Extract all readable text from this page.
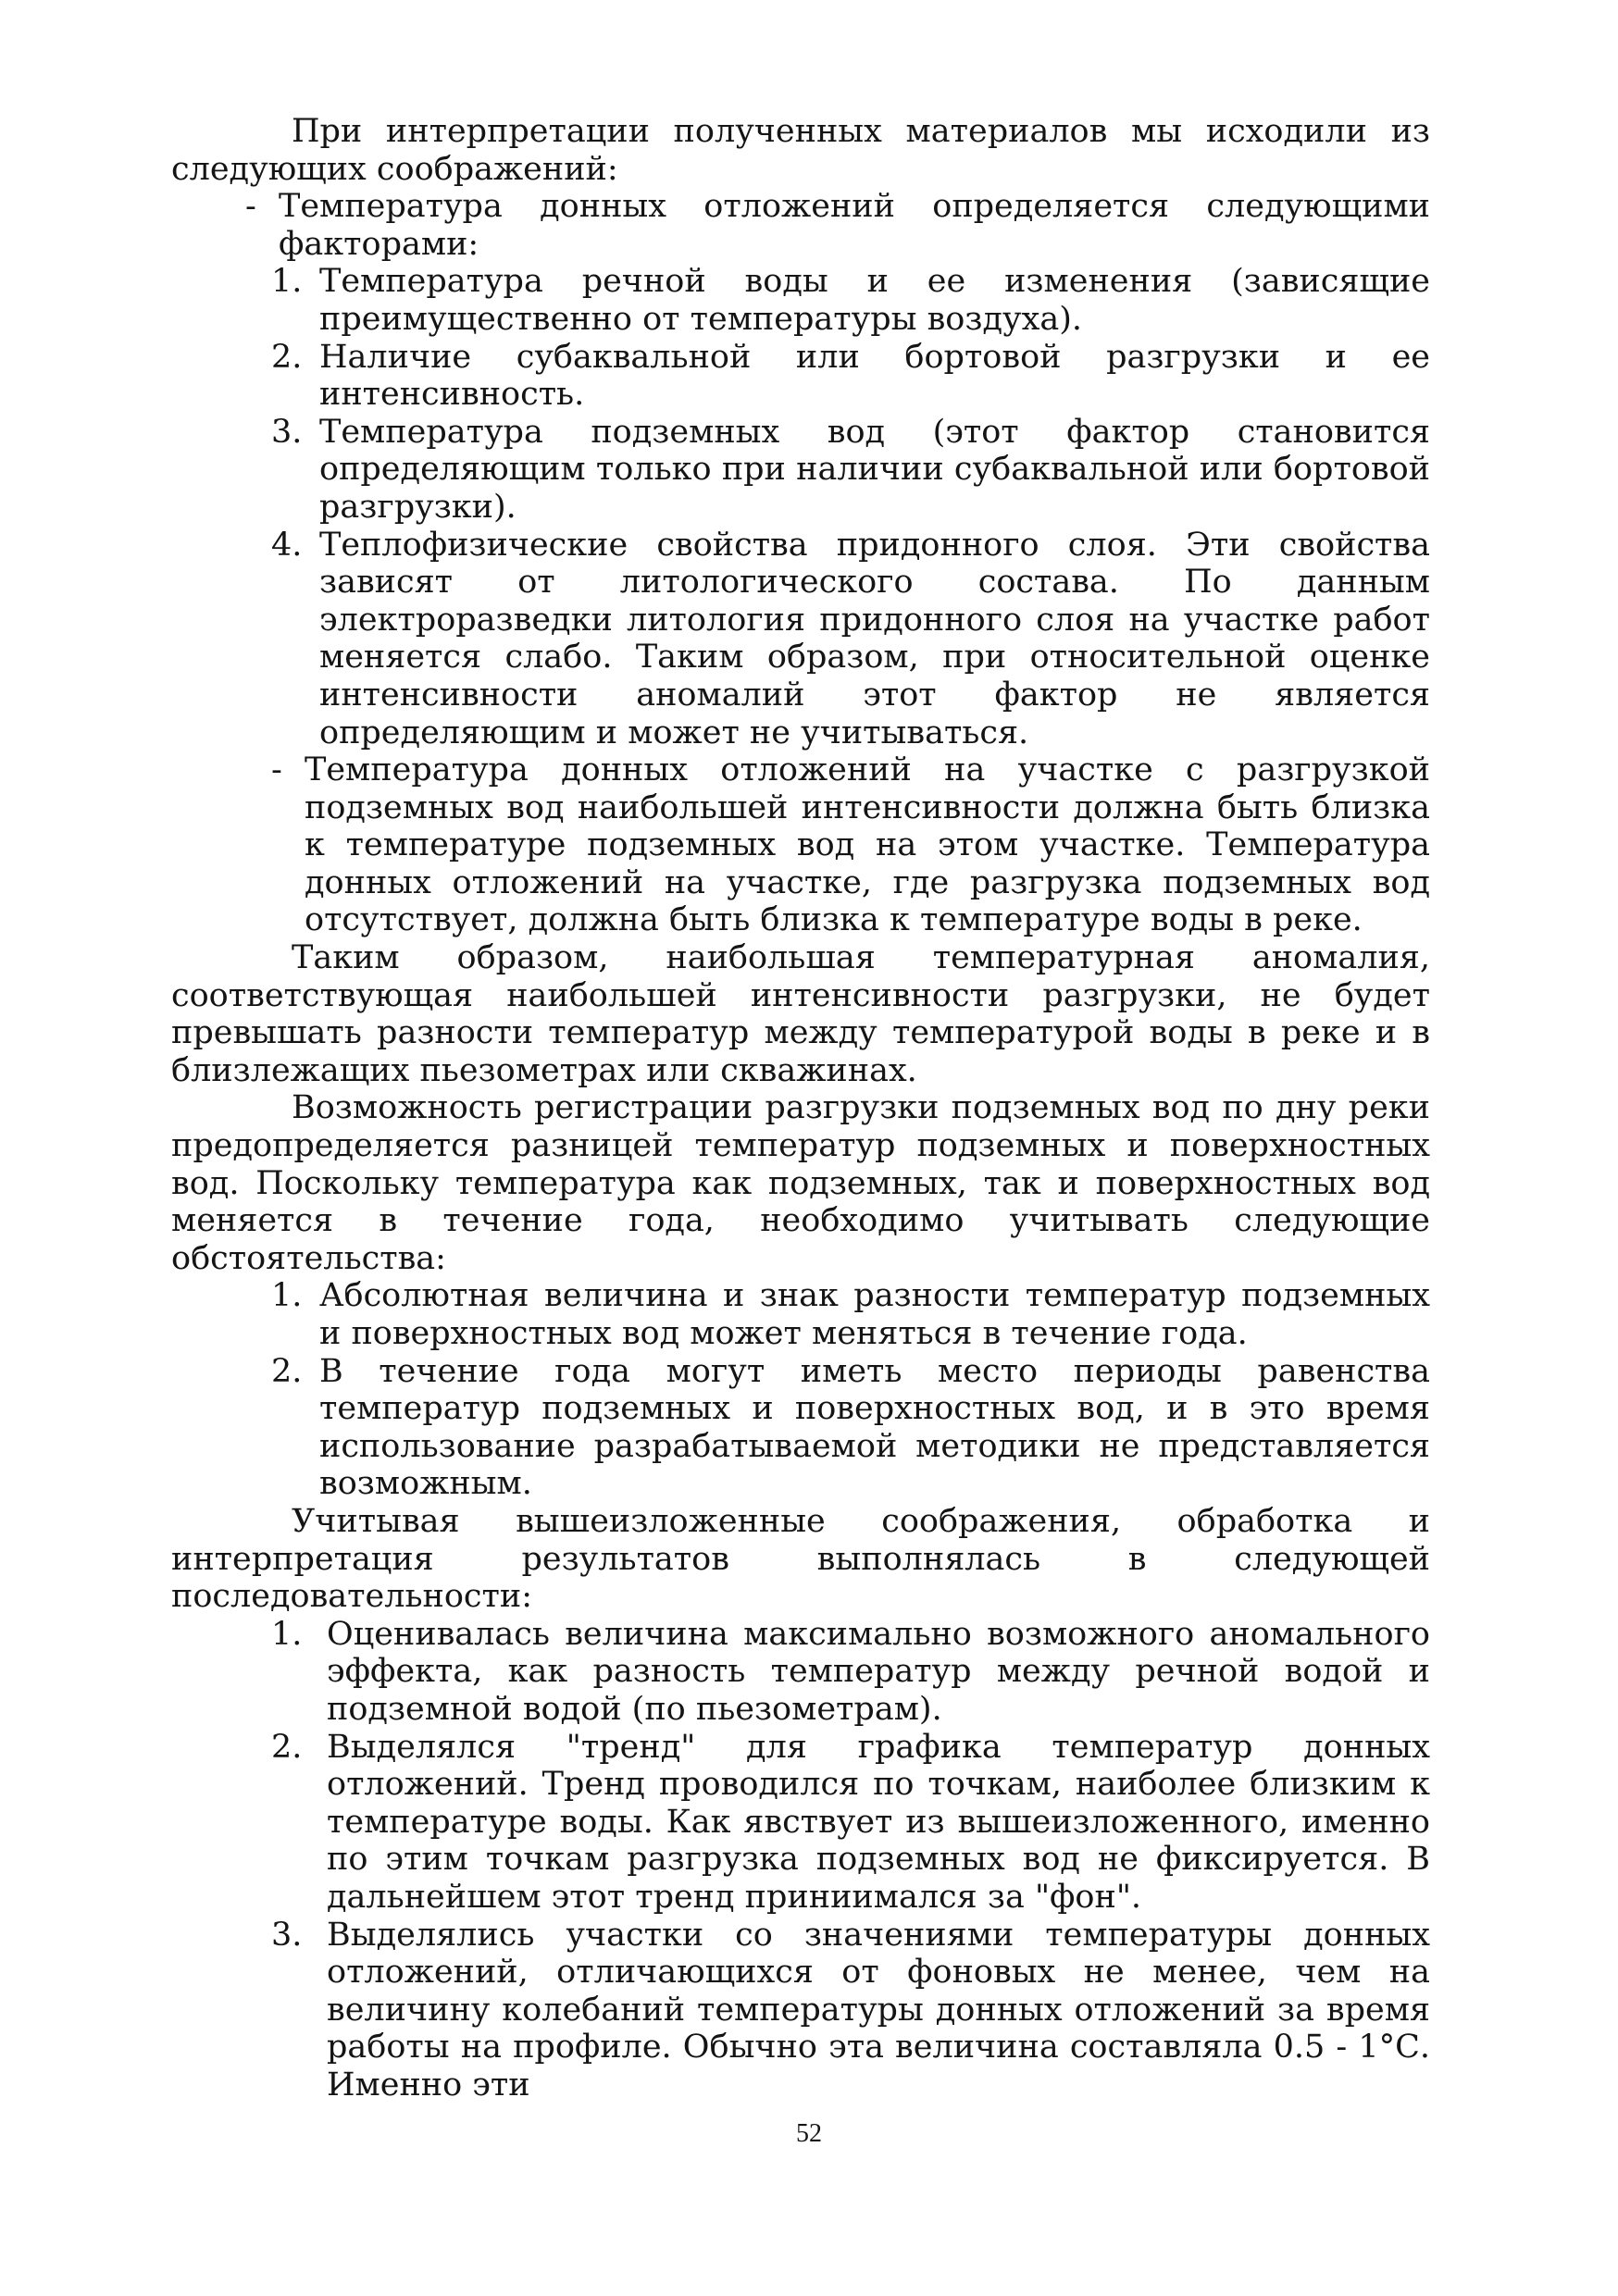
При интерпретации полученных материалов мы исходили из следующих соображений:

- Температура донных отложений определяется следующими факторами:
1. Температура речной воды и ее изменения (зависящие преимущественно от температуры воздуха).
2. Наличие субаквальной или бортовой разгрузки и ее интенсивность.
3. Температура подземных вод (этот фактор становится определяющим только при наличии субаквальной или бортовой разгрузки).
4. Теплофизические свойства придонного слоя. Эти свойства зависят от литологического состава. По данным электроразведки литология придонного слоя на участке работ меняется слабо. Таким образом, при относительной оценке интенсивности аномалий этот фактор не является определяющим и может не учитываться.
- Температура донных отложений на участке с разгрузкой подземных вод наибольшей интенсивности должна быть близка к температуре подземных вод на этом участке. Температура донных отложений на участке, где разгрузка подземных вод отсутствует, должна быть близка к температуре воды в реке.

Таким образом, наибольшая температурная аномалия, соответствующая наибольшей интенсивности разгрузки, не будет превышать разности температур между температурой воды в реке и в близлежащих пьезометрах или скважинах.

Возможность регистрации разгрузки подземных вод по дну реки предопределяется разницей температур подземных и поверхностных вод. Поскольку температура как подземных, так и поверхностных вод меняется в течение года, необходимо учитывать следующие обстоятельства:

1. Абсолютная величина и знак разности температур подземных и поверхностных вод может меняться в течение года.
2. В течение года могут иметь место периоды равенства температур подземных и поверхностных вод, и в это время использование разрабатываемой методики не представляется возможным.

Учитывая вышеизложенные соображения, обработка и интерпретация результатов выполнялась в следующей последовательности:

1. Оценивалась величина максимально возможного аномального эффекта, как разность температур между речной водой и подземной водой (по пьезометрам).
2. Выделялся "тренд" для графика температур донных отложений. Тренд проводился по точкам, наиболее близким к температуре воды. Как явствует из вышеизложенного, именно по этим точкам разгрузка подземных вод не фиксируется. В дальнейшем этот тренд приниимался за "фон".
3. Выделялись участки со значениями температуры донных отложений, отличающихся от фоновых не менее, чем на величину колебаний температуры донных отложений за время работы на профиле. Обычно эта величина составляла 0.5 - 1°С. Именно эти
52
